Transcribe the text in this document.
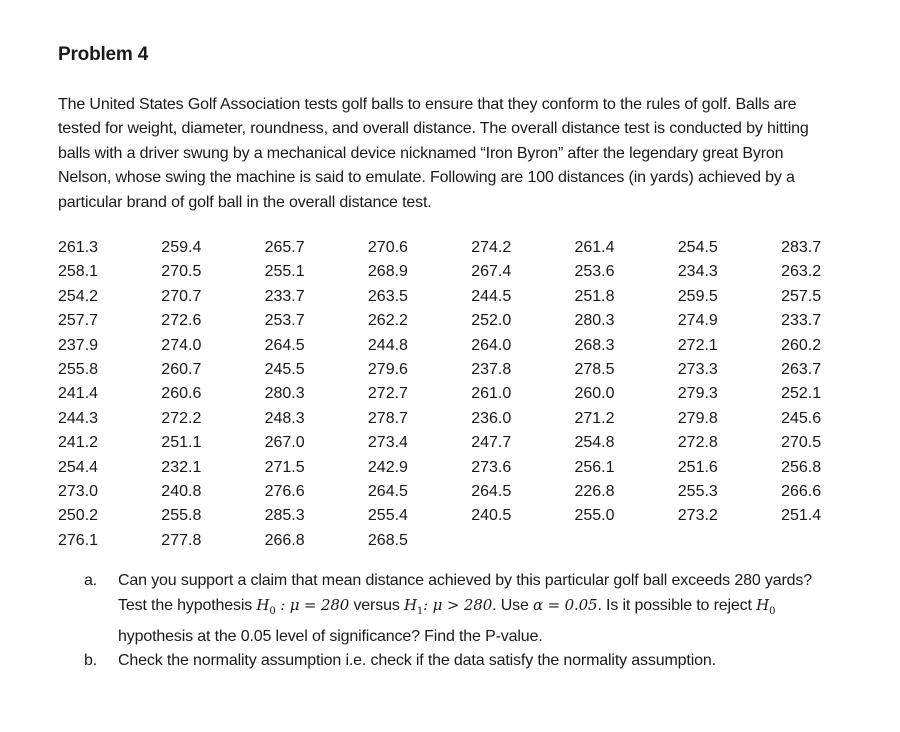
Problem 4

The United States Golf Association tests golf balls to ensure that they conform to the rules of golf. Balls are tested for weight, diameter, roundness, and overall distance. The overall distance test is conducted by hitting balls with a driver swung by a mechanical device nicknamed “Iron Byron” after the legendary great Byron Nelson, whose swing the machine is said to emulate. Following are 100 distances (in yards) achieved by a particular brand of golf ball in the overall distance test.

261.3	259.4	265.7	270.6	274.2	261.4	254.5	283.7
258.1	270.5	255.1	268.9	267.4	253.6	234.3	263.2
254.2	270.7	233.7	263.5	244.5	251.8	259.5	257.5
257.7	272.6	253.7	262.2	252.0	280.3	274.9	233.7
237.9	274.0	264.5	244.8	264.0	268.3	272.1	260.2
255.8	260.7	245.5	279.6	237.8	278.5	273.3	263.7
241.4	260.6	280.3	272.7	261.0	260.0	279.3	252.1
244.3	272.2	248.3	278.7	236.0	271.2	279.8	245.6
241.2	251.1	267.0	273.4	247.7	254.8	272.8	270.5
254.4	232.1	271.5	242.9	273.6	256.1	251.6	256.8
273.0	240.8	276.6	264.5	264.5	226.8	255.3	266.6
250.2	255.8	285.3	255.4	240.5	255.0	273.2	251.4
276.1	277.8	266.8	268.5
a.	Can you support a claim that mean distance achieved by this particular golf ball exceeds 280 yards? Test the hypothesis $H_0$ : μ = 280 versus $H_1$: μ > 280. Use α = 0.05. Is it possible to reject $H_0$ hypothesis at the 0.05 level of significance? Find the P-value.
b.	Check the normality assumption i.e. check if the data satisfy the normality assumption.
